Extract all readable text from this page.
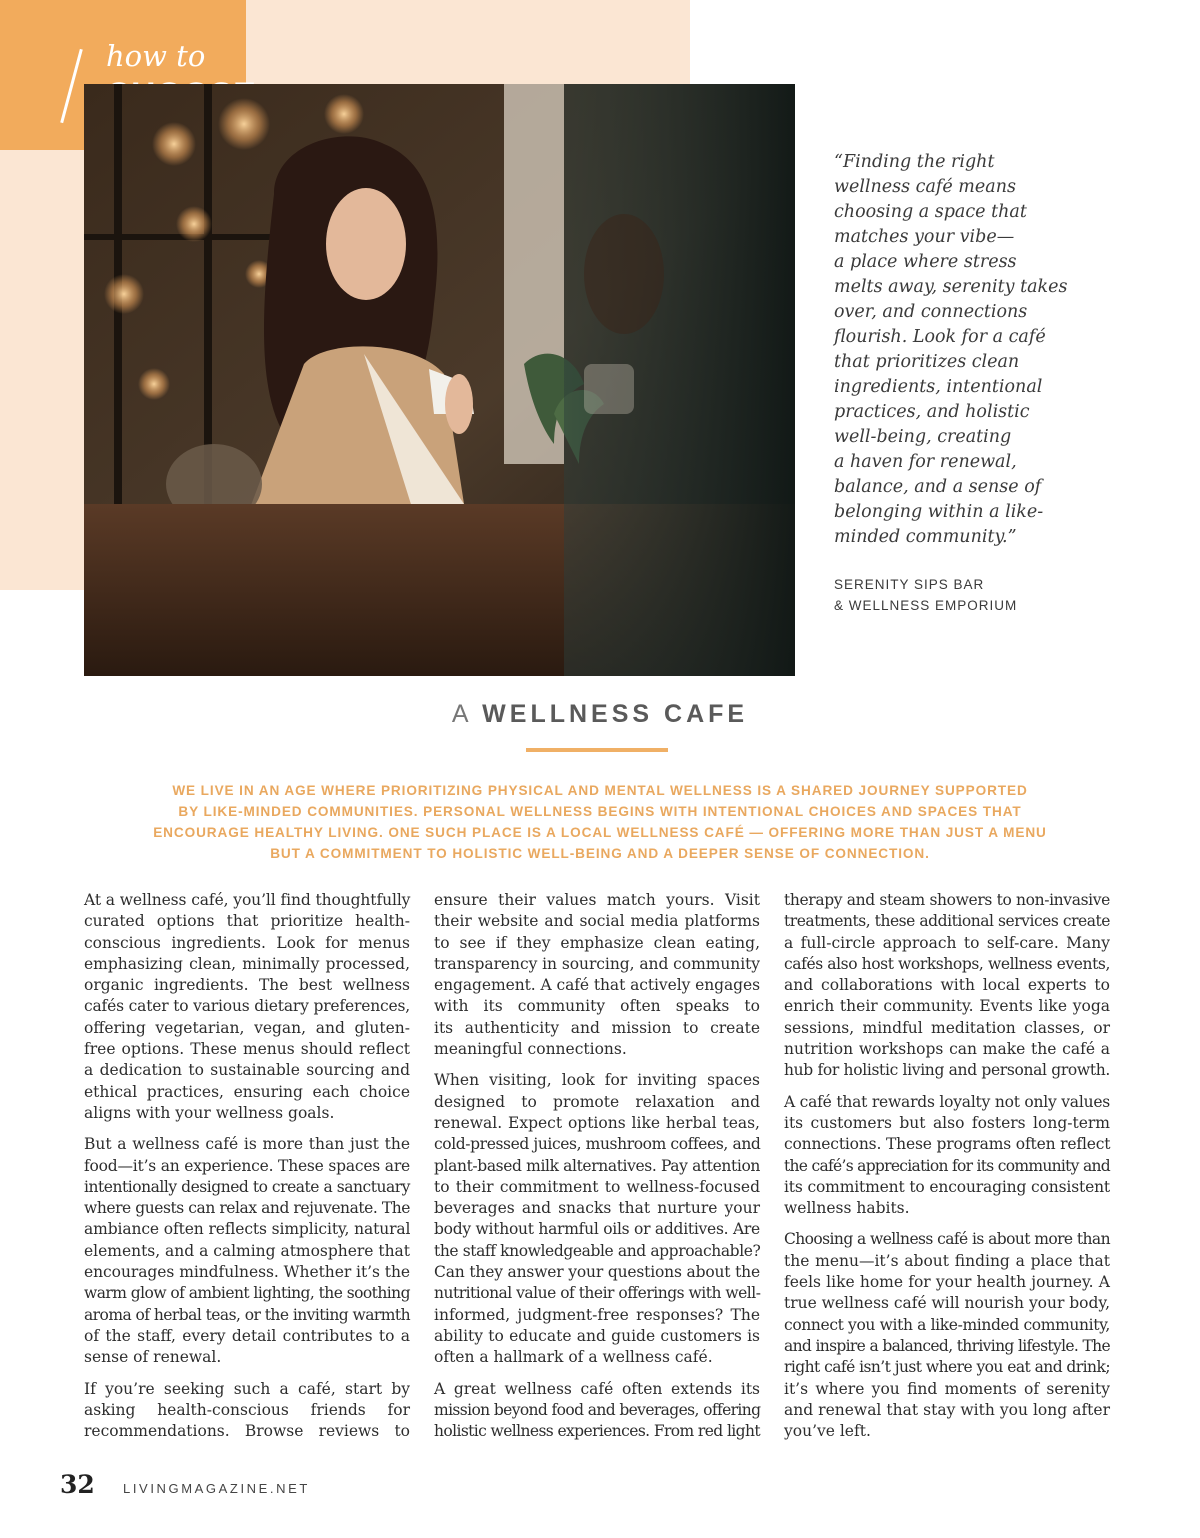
how to
“Finding the right
wellness café means
choosing a space that
matches your vibe—
a place where stress
melts away, serenity takes
over, and connections
flourish. Look for a café
that prioritizes clean
ingredients, intentional
practices, and holistic
well-being, creating
a haven for renewal,
balance, and a sense of
belonging within a like-
minded community.”
SERENITY SIPS BAR
& WELLNESS EMPORIUM
A WELLNESS CAFE
WE LIVE IN AN AGE WHERE PRIORITIZING PHYSICAL AND MENTAL WELLNESS IS A SHARED JOURNEY SUPPORTED
BY LIKE-MINDED COMMUNITIES. PERSONAL WELLNESS BEGINS WITH INTENTIONAL CHOICES AND SPACES THAT
ENCOURAGE HEALTHY LIVING. ONE SUCH PLACE IS A LOCAL WELLNESS CAFÉ — OFFERING MORE THAN JUST A MENU
BUT A COMMITMENT TO HOLISTIC WELL-BEING AND A DEEPER SENSE OF CONNECTION.
At a wellness café, you’ll find thoughtfully
curated options that prioritize health-
conscious ingredients. Look for menus
emphasizing clean, minimally processed,
organic ingredients. The best wellness
cafés cater to various dietary preferences,
offering vegetarian, vegan, and gluten-
free options. These menus should reflect
a dedication to sustainable sourcing and
ethical practices, ensuring each choice
aligns with your wellness goals.
But a wellness café is more than just the
food—it’s an experience. These spaces are
intentionally designed to create a sanctuary
where guests can relax and rejuvenate. The
ambiance often reflects simplicity, natural
elements, and a calming atmosphere that
encourages mindfulness. Whether it’s the
warm glow of ambient lighting, the soothing
aroma of herbal teas, or the inviting warmth
of the staff, every detail contributes to a
sense of renewal.
If you’re seeking such a café, start by
asking health-conscious friends for
recommendations. Browse reviews to
ensure their values match yours. Visit
their website and social media platforms
to see if they emphasize clean eating,
transparency in sourcing, and community
engagement. A café that actively engages
with its community often speaks to
its authenticity and mission to create
meaningful connections.
When visiting, look for inviting spaces
designed to promote relaxation and
renewal. Expect options like herbal teas,
cold-pressed juices, mushroom coffees, and
plant-based milk alternatives. Pay attention
to their commitment to wellness-focused
beverages and snacks that nurture your
body without harmful oils or additives. Are
the staff knowledgeable and approachable?
Can they answer your questions about the
nutritional value of their offerings with well-
informed, judgment-free responses? The
ability to educate and guide customers is
often a hallmark of a wellness café.
A great wellness café often extends its
mission beyond food and beverages, offering
holistic wellness experiences. From red light
therapy and steam showers to non-invasive
treatments, these additional services create
a full-circle approach to self-care. Many
cafés also host workshops, wellness events,
and collaborations with local experts to
enrich their community. Events like yoga
sessions, mindful meditation classes, or
nutrition workshops can make the café a
hub for holistic living and personal growth.
A café that rewards loyalty not only values
its customers but also fosters long-term
connections. These programs often reflect
the café’s appreciation for its community and
its commitment to encouraging consistent
wellness habits.
Choosing a wellness café is about more than
the menu—it’s about finding a place that
feels like home for your health journey. A
true wellness café will nourish your body,
connect you with a like-minded community,
and inspire a balanced, thriving lifestyle. The
right café isn’t just where you eat and drink;
it’s where you find moments of serenity
and renewal that stay with you long after
you’ve left.
32 LIVINGMAGAZINE.NET
